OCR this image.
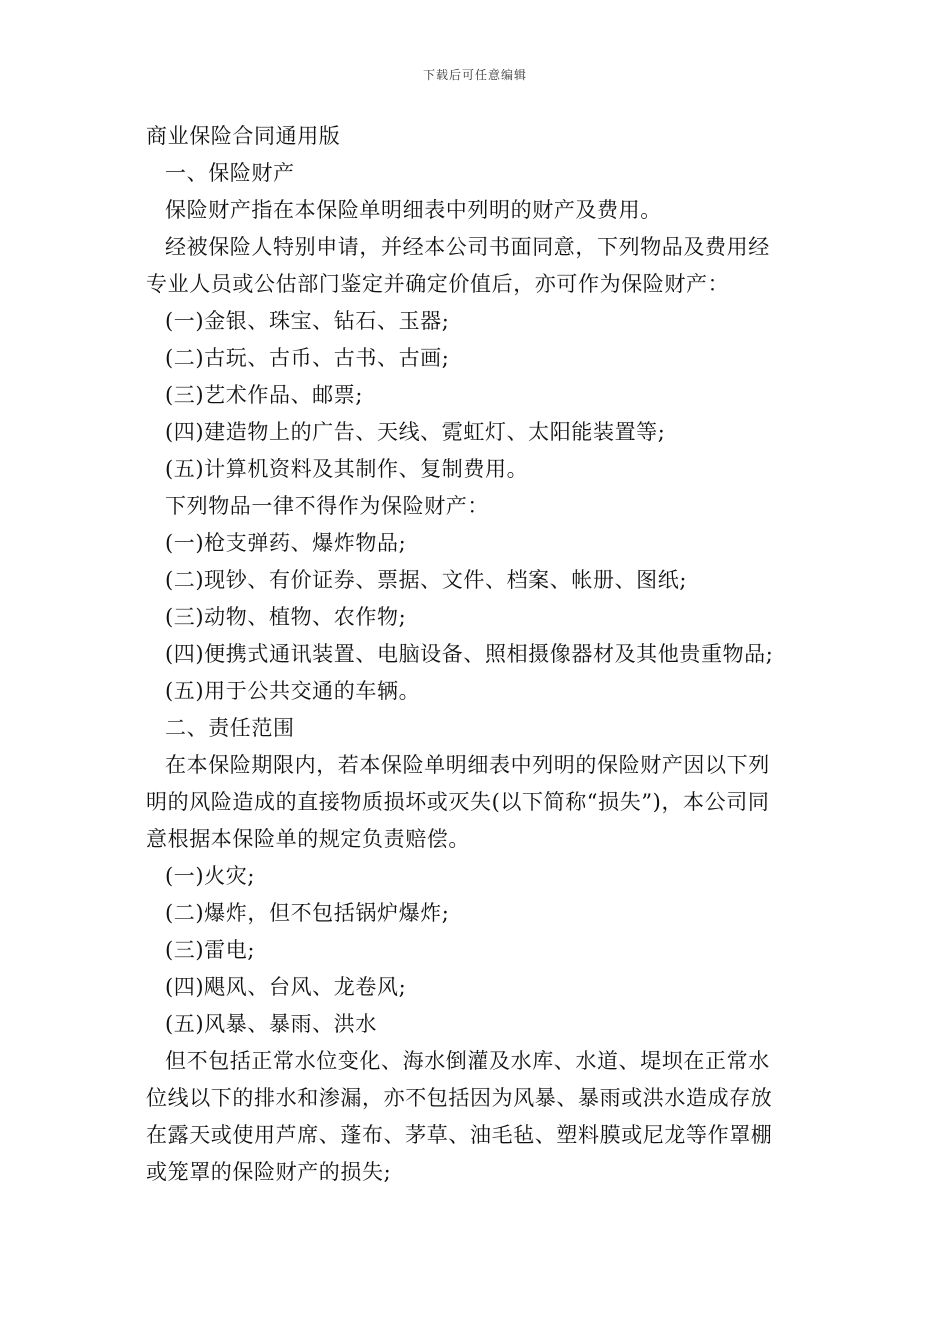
下载后可任意编辑
商业保险合同通用版
一、保险财产
保险财产指在本保险单明细表中列明的财产及费用。
经被保险人特别申请，并经本公司书面同意，下列物品及费用经
专业人员或公估部门鉴定并确定价值后，亦可作为保险财产：
(一)金银、珠宝、钻石、玉器;
(二)古玩、古币、古书、古画;
(三)艺术作品、邮票;
(四)建造物上的广告、天线、霓虹灯、太阳能装置等;
(五)计算机资料及其制作、复制费用。
下列物品一律不得作为保险财产：
(一)枪支弹药、爆炸物品;
(二)现钞、有价证券、票据、文件、档案、帐册、图纸;
(三)动物、植物、农作物;
(四)便携式通讯装置、电脑设备、照相摄像器材及其他贵重物品;
(五)用于公共交通的车辆。
二、责任范围
在本保险期限内，若本保险单明细表中列明的保险财产因以下列
明的风险造成的直接物质损坏或灭失(以下简称“损失”)，本公司同
意根据本保险单的规定负责赔偿。
(一)火灾;
(二)爆炸，但不包括锅炉爆炸;
(三)雷电;
(四)飓风、台风、龙卷风;
(五)风暴、暴雨、洪水
但不包括正常水位变化、海水倒灌及水库、水道、堤坝在正常水
位线以下的排水和渗漏，亦不包括因为风暴、暴雨或洪水造成存放
在露天或使用芦席、蓬布、茅草、油毛毡、塑料膜或尼龙等作罩棚
或笼罩的保险财产的损失;
